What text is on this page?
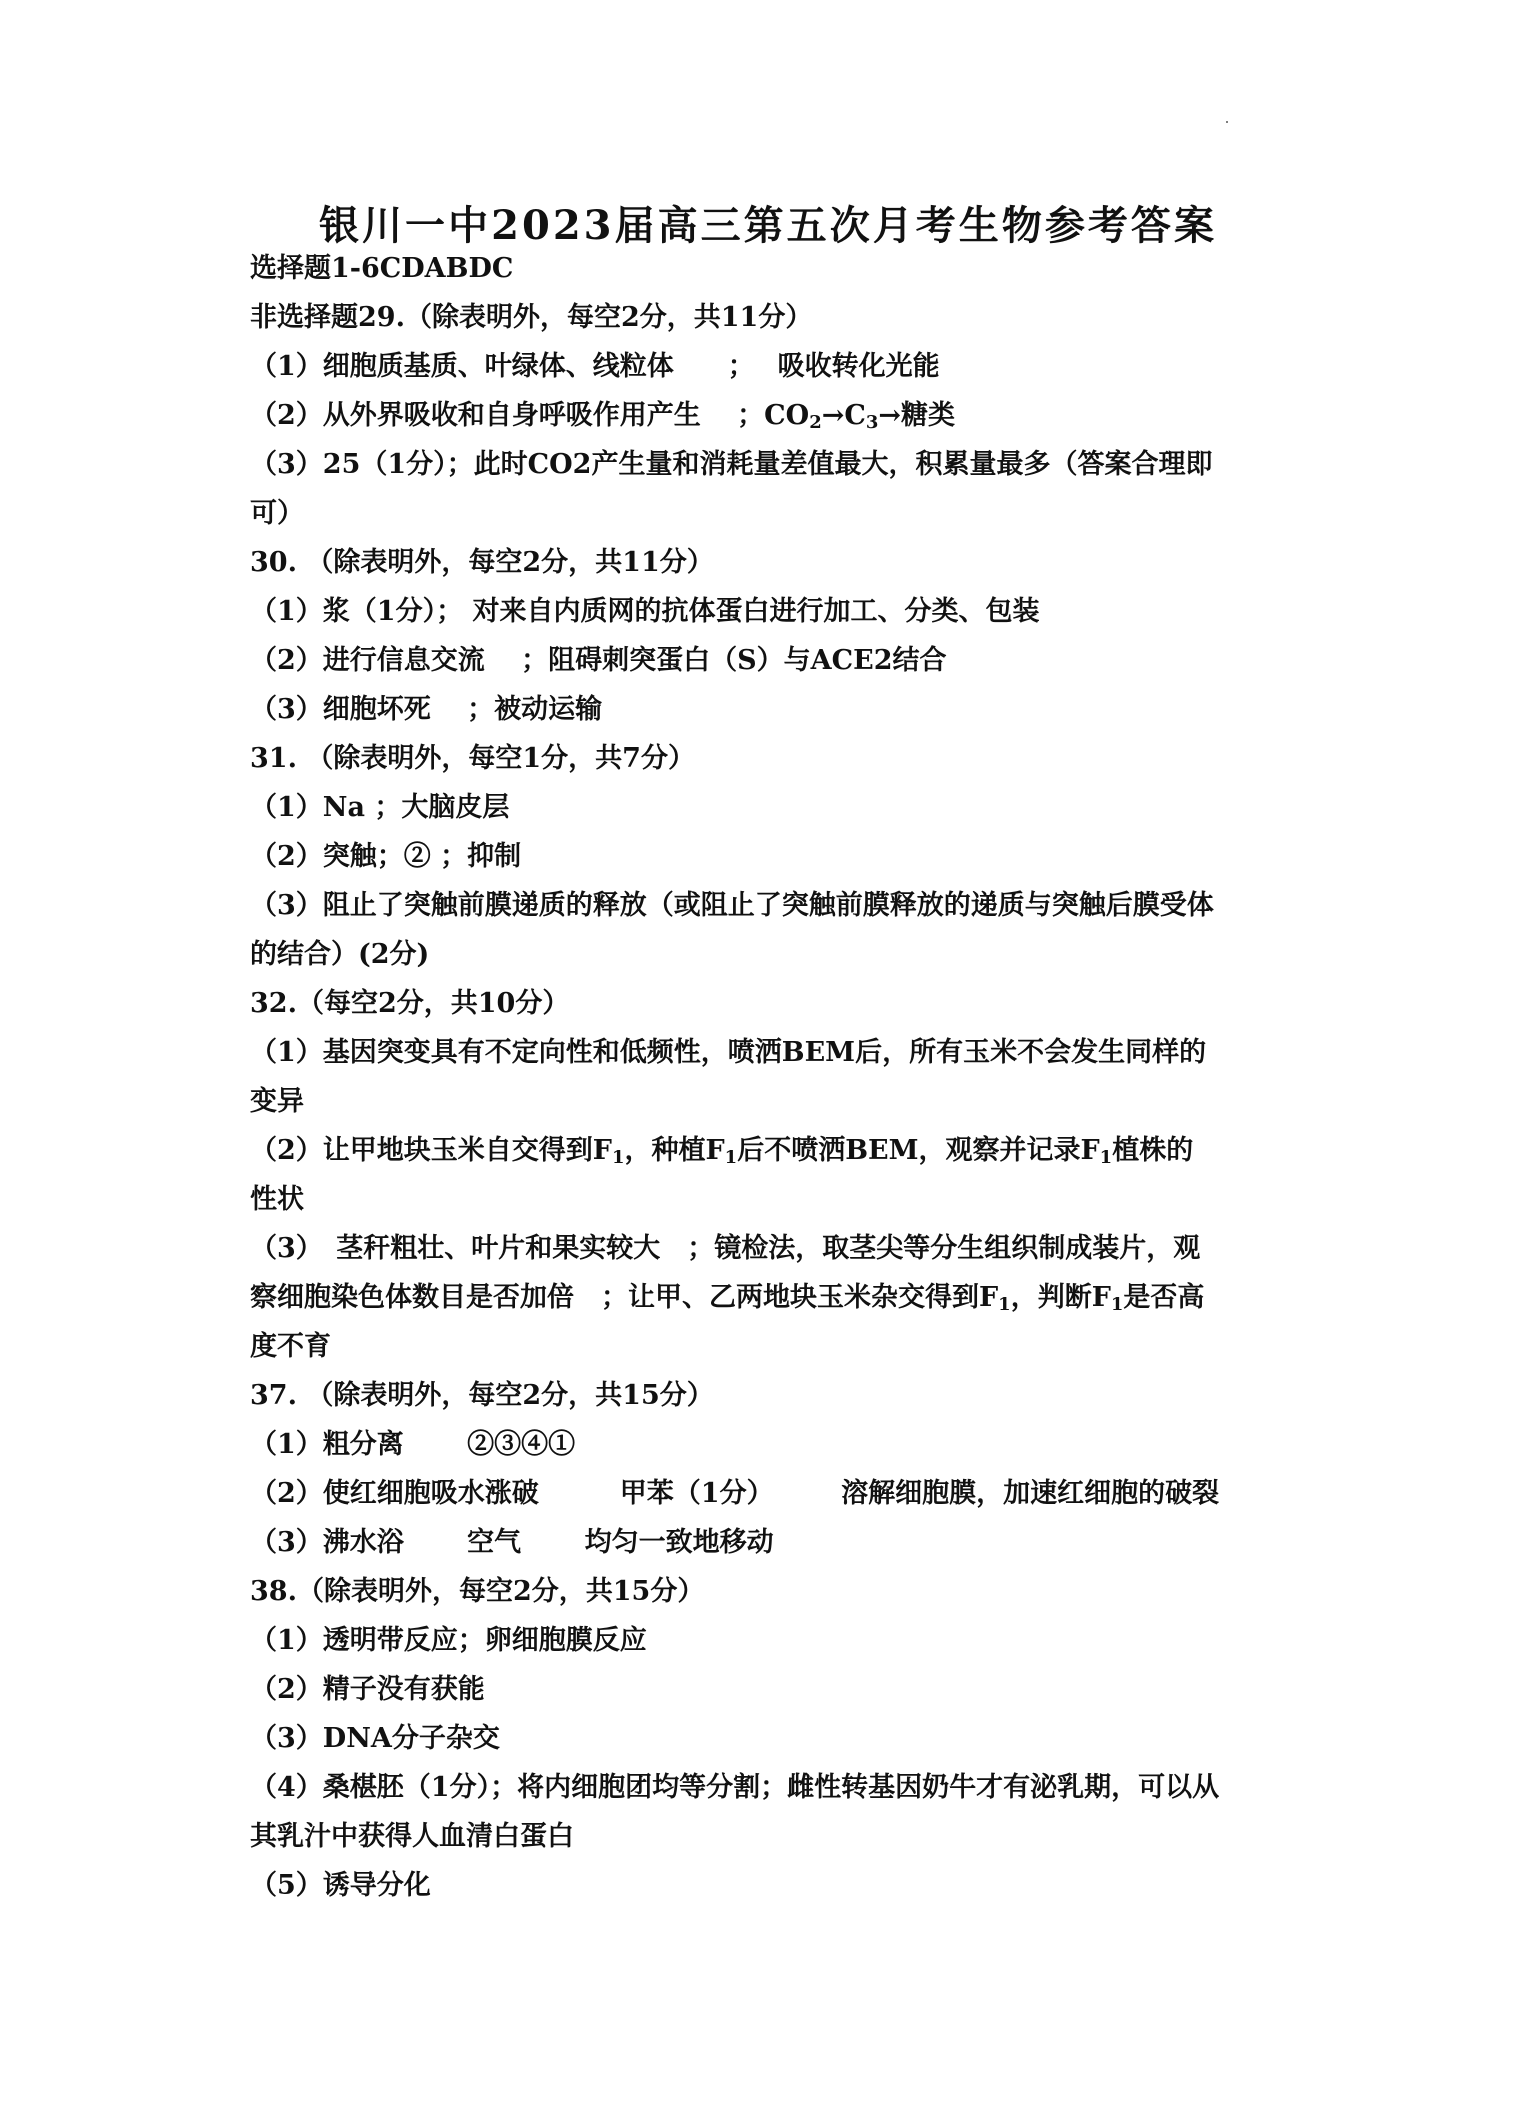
银川一中2023届高三第五次月考生物参考答案
选择题1-6CDABDC
非选择题29.（除表明外，每空2分，共11分）
（1）细胞质基质、叶绿体、线粒体　　；　 吸收转化光能
（2）从外界吸收和自身呼吸作用产生　 ；$CO_2\to C_3\to$糖类
（3）25（1分）；此时CO2产生量和消耗量差值最大，积累量最多（答案合理即
可）
30. （除表明外，每空2分，共11分）
（1）浆（1分）； 对来自内质网的抗体蛋白进行加工、分类、包装
（2）进行信息交流　 ；阻碍刺突蛋白（S）与ACE2结合
（3）细胞坏死　 ；被动运输
31. （除表明外，每空1分，共7分）
（1）Na ；大脑皮层
（2）突触；② ；抑制
（3）阻止了突触前膜递质的释放（或阻止了突触前膜释放的递质与突触后膜受体
的结合）(2分)
32.（每空2分，共10分）
（1）基因突变具有不定向性和低频性，喷洒BEM后，所有玉米不会发生同样的
变异
（2）让甲地块玉米自交得到$F_1$，种植$F_1$后不喷洒BEM，观察并记录$F_1$植株的
性状
（3）　茎秆粗壮、叶片和果实较大　；镜检法，取茎尖等分生组织制成装片，观
察细胞染色体数目是否加倍　；让甲、乙两地块玉米杂交得到$F_1$，判断$F_1$是否高
度不育
37. （除表明外，每空2分，共15分）
（1）粗分离　　 ②③④①
（2）使红细胞吸水涨破　　　甲苯（1分）　　　溶解细胞膜，加速红细胞的破裂
（3）沸水浴　　 空气　　 均匀一致地移动
38.（除表明外，每空2分，共15分）
（1）透明带反应；卵细胞膜反应
（2）精子没有获能
（3）DNA分子杂交
（4）桑椹胚（1分）；将内细胞团均等分割；雌性转基因奶牛才有泌乳期，可以从
其乳汁中获得人血清白蛋白
（5）诱导分化
